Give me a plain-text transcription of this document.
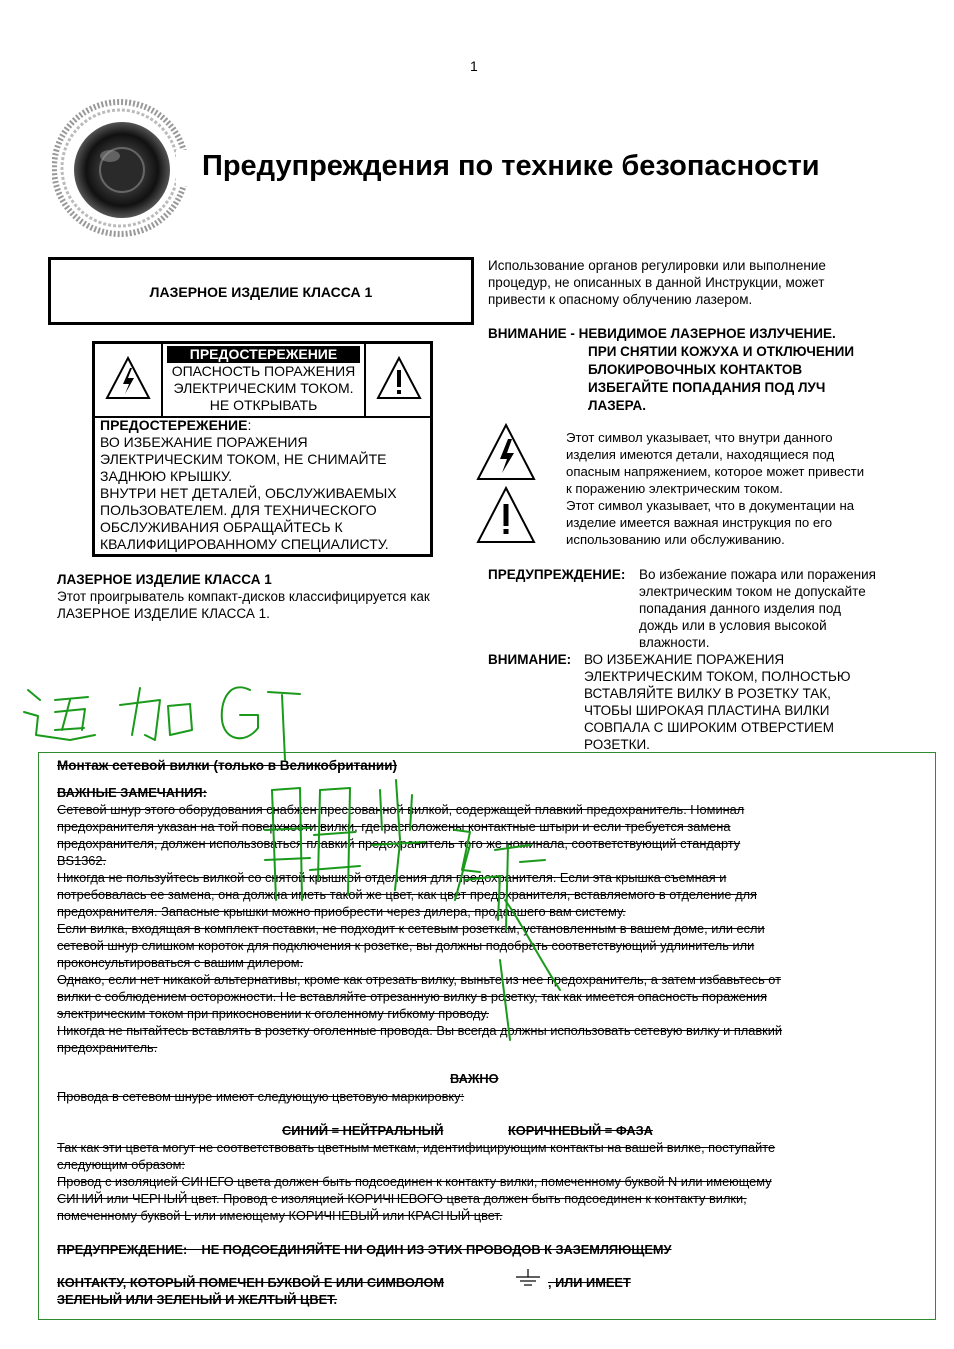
1
Предупреждения по технике безопасности
ЛАЗЕРНОЕ ИЗДЕЛИЕ КЛАССА 1
ПРЕДОСТЕРЕЖЕНИЕ
ОПАСНОСТЬ ПОРАЖЕНИЯ
ЭЛЕКТРИЧЕСКИМ ТОКОМ.
НЕ ОТКРЫВАТЬ
ПРЕДОСТЕРЕЖЕНИЕ:
ВО ИЗБЕЖАНИЕ ПОРАЖЕНИЯ
ЭЛЕКТРИЧЕСКИМ ТОКОМ, НЕ СНИМАЙТЕ
ЗАДНЮЮ КРЫШКУ.
ВНУТРИ НЕТ ДЕТАЛЕЙ, ОБСЛУЖИВАЕМЫХ
ПОЛЬЗОВАТЕЛЕМ. ДЛЯ ТЕХНИЧЕСКОГО
ОБСЛУЖИВАНИЯ ОБРАЩАЙТЕСЬ К
КВАЛИФИЦИРОВАННОМУ СПЕЦИАЛИСТУ.
ЛАЗЕРНОЕ ИЗДЕЛИЕ КЛАССА 1
Этот проигрыватель компакт-дисков классифицируется как
ЛАЗЕРНОЕ ИЗДЕЛИЕ КЛАССА 1.
Использование органов регулировки или выполнение
процедур, не описанных в данной Инструкции, может
привести к опасному облучению лазером.
ВНИМАНИЕ - НЕВИДИМОЕ ЛАЗЕРНОЕ ИЗЛУЧЕНИЕ.
ПРИ СНЯТИИ КОЖУХА И ОТКЛЮЧЕНИИ
БЛОКИРОВОЧНЫХ КОНТАКТОВ
ИЗБЕГАЙТЕ ПОПАДАНИЯ ПОД ЛУЧ
ЛАЗЕРА.
Этот символ указывает, что внутри данного
изделия имеются детали, находящиеся под
опасным напряжением, которое может привести
к поражению электрическим током.
Этот символ указывает, что в документации на
изделие имеется важная инструкция по его
использованию или обслуживанию.
ПРЕДУПРЕЖДЕНИЕ: Во избежание пожара или поражения
электрическим током не допускайте
попадания данного изделия под
дождь или в условия высокой
влажности.
ВНИМАНИЕ: ВО ИЗБЕЖАНИЕ ПОРАЖЕНИЯ
ЭЛЕКТРИЧЕСКИМ ТОКОМ, ПОЛНОСТЬЮ
ВСТАВЛЯЙТЕ ВИЛКУ В РОЗЕТКУ ТАК,
ЧТОБЫ ШИРОКАЯ ПЛАСТИНА ВИЛКИ
СОВПАЛА С ШИРОКИМ ОТВЕРСТИЕМ
РОЗЕТКИ.
Монтаж сетевой вилки (только в Великобритании)
ВАЖНЫЕ ЗАМЕЧАНИЯ:
Сетевой шнур этого оборудования снабжен прессованной вилкой, содержащей плавкий предохранитель. Номинал
предохранителя указан на той поверхности вилки, где расположены контактные штыри и если требуется замена
предохранителя, должен использоваться плавкий предохранитель того же номинала, соответствующий стандарту
BS1362.
Никогда не пользуйтесь вилкой со снятой крышкой отделения для предохранителя. Если эта крышка съемная и
потребовалась ее замена, она должна иметь такой же цвет, как цвет предохранителя, вставляемого в отделение для
предохранителя. Запасные крышки можно приобрести через дилера, продавшего вам систему.
Если вилка, входящая в комплект поставки, не подходит к сетевым розеткам, установленным в вашем доме, или если
сетевой шнур слишком короток для подключения к розетке, вы должны подобрать соответствующий удлинитель или
проконсультироваться с вашим дилером.
Однако, если нет никакой альтернативы, кроме как отрезать вилку, выньте из нее предохранитель, а затем избавьтесь от
вилки с соблюдением осторожности. Не вставляйте отрезанную вилку в розетку, так как имеется опасность поражения
электрическим током при прикосновении к оголенному гибкому проводу.
Никогда не пытайтесь вставлять в розетку оголенные провода. Вы всегда должны использовать сетевую вилку и плавкий
предохранитель.
ВАЖНО
Провода в сетевом шнуре имеют следующую цветовую маркировку:
СИНИЙ = НЕЙТРАЛЬНЫЙ	КОРИЧНЕВЫЙ = ФАЗА
Так как эти цвета могут не соответствовать цветным меткам, идентифицирующим контакты на вашей вилке, поступайте
следующим образом:
Провод с изоляцией СИНЕГО цвета должен быть подсоединен к контакту вилки, помеченному буквой N или имеющему
СИНИЙ или ЧЕРНЫЙ цвет. Провод с изоляцией КОРИЧНЕВОГО цвета должен быть подсоединен к контакту вилки,
помеченному буквой L или имеющему КОРИЧНЕВЫЙ или КРАСНЫЙ цвет.
ПРЕДУПРЕЖДЕНИЕ:    НЕ ПОДСОЕДИНЯЙТЕ НИ ОДИН ИЗ ЭТИХ ПРОВОДОВ К ЗАЗЕМЛЯЮЩЕМУ
КОНТАКТУ, КОТОРЫЙ ПОМЕЧЕН БУКВОЙ E ИЛИ СИМВОЛОМ	, ИЛИ ИМЕЕТ
ЗЕЛЕНЫЙ ИЛИ ЗЕЛЕНЫЙ И ЖЕЛТЫЙ ЦВЕТ.
